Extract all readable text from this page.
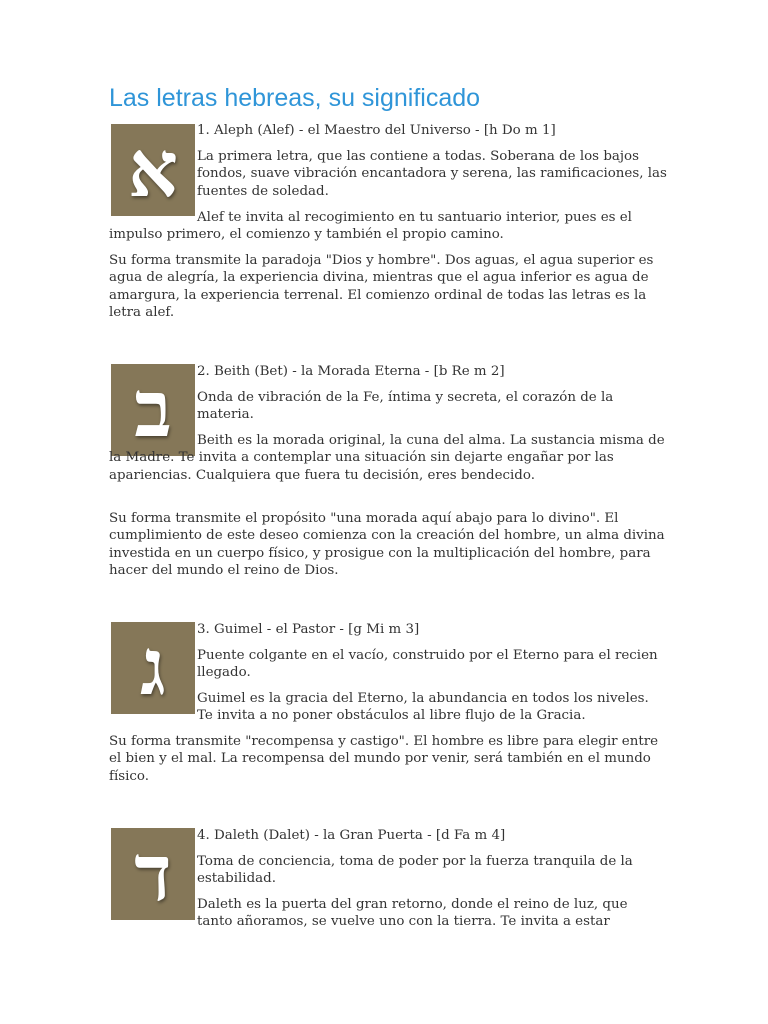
Las letras hebreas, su significado
א 1. Aleph (Alef) - el Maestro del Universo - [h Do m 1]

La primera letra, que las contiene a todas. Soberana de los bajos fondos, suave vibración encantadora y serena, las ramificaciones, las fuentes de soledad.

Alef te invita al recogimiento en tu santuario interior, pues es el impulso primero, el comienzo y también el propio camino.

Su forma transmite la paradoja "Dios y hombre". Dos aguas, el agua superior es agua de alegría, la experiencia divina, mientras que el agua inferior es agua de amargura, la experiencia terrenal. El comienzo ordinal de todas las letras es la letra alef.

ב 2. Beith (Bet) - la Morada Eterna - [b Re m 2]

Onda de vibración de la Fe, íntima y secreta, el corazón de la materia.

Beith es la morada original, la cuna del alma. La sustancia misma de la Madre. Te invita a contemplar una situación sin dejarte engañar por las apariencias. Cualquiera que fuera tu decisión, eres bendecido.

Su forma transmite el propósito "una morada aquí abajo para lo divino". El cumplimiento de este deseo comienza con la creación del hombre, un alma divina investida en un cuerpo físico, y prosigue con la multiplicación del hombre, para hacer del mundo el reino de Dios.

ג 3. Guimel - el Pastor - [g Mi m 3]

Puente colgante en el vacío, construido por el Eterno para el recien llegado.

Guimel es la gracia del Eterno, la abundancia en todos los niveles. Te invita a no poner obstáculos al libre flujo de la Gracia.

Su forma transmite "recompensa y castigo". El hombre es libre para elegir entre el bien y el mal. La recompensa del mundo por venir, será también en el mundo físico.

ד 4. Daleth (Dalet) - la Gran Puerta - [d Fa m 4]

Toma de conciencia, toma de poder por la fuerza tranquila de la estabilidad.

Daleth es la puerta del gran retorno, donde el reino de luz, que tanto añoramos, se vuelve uno con la tierra. Te invita a estar
